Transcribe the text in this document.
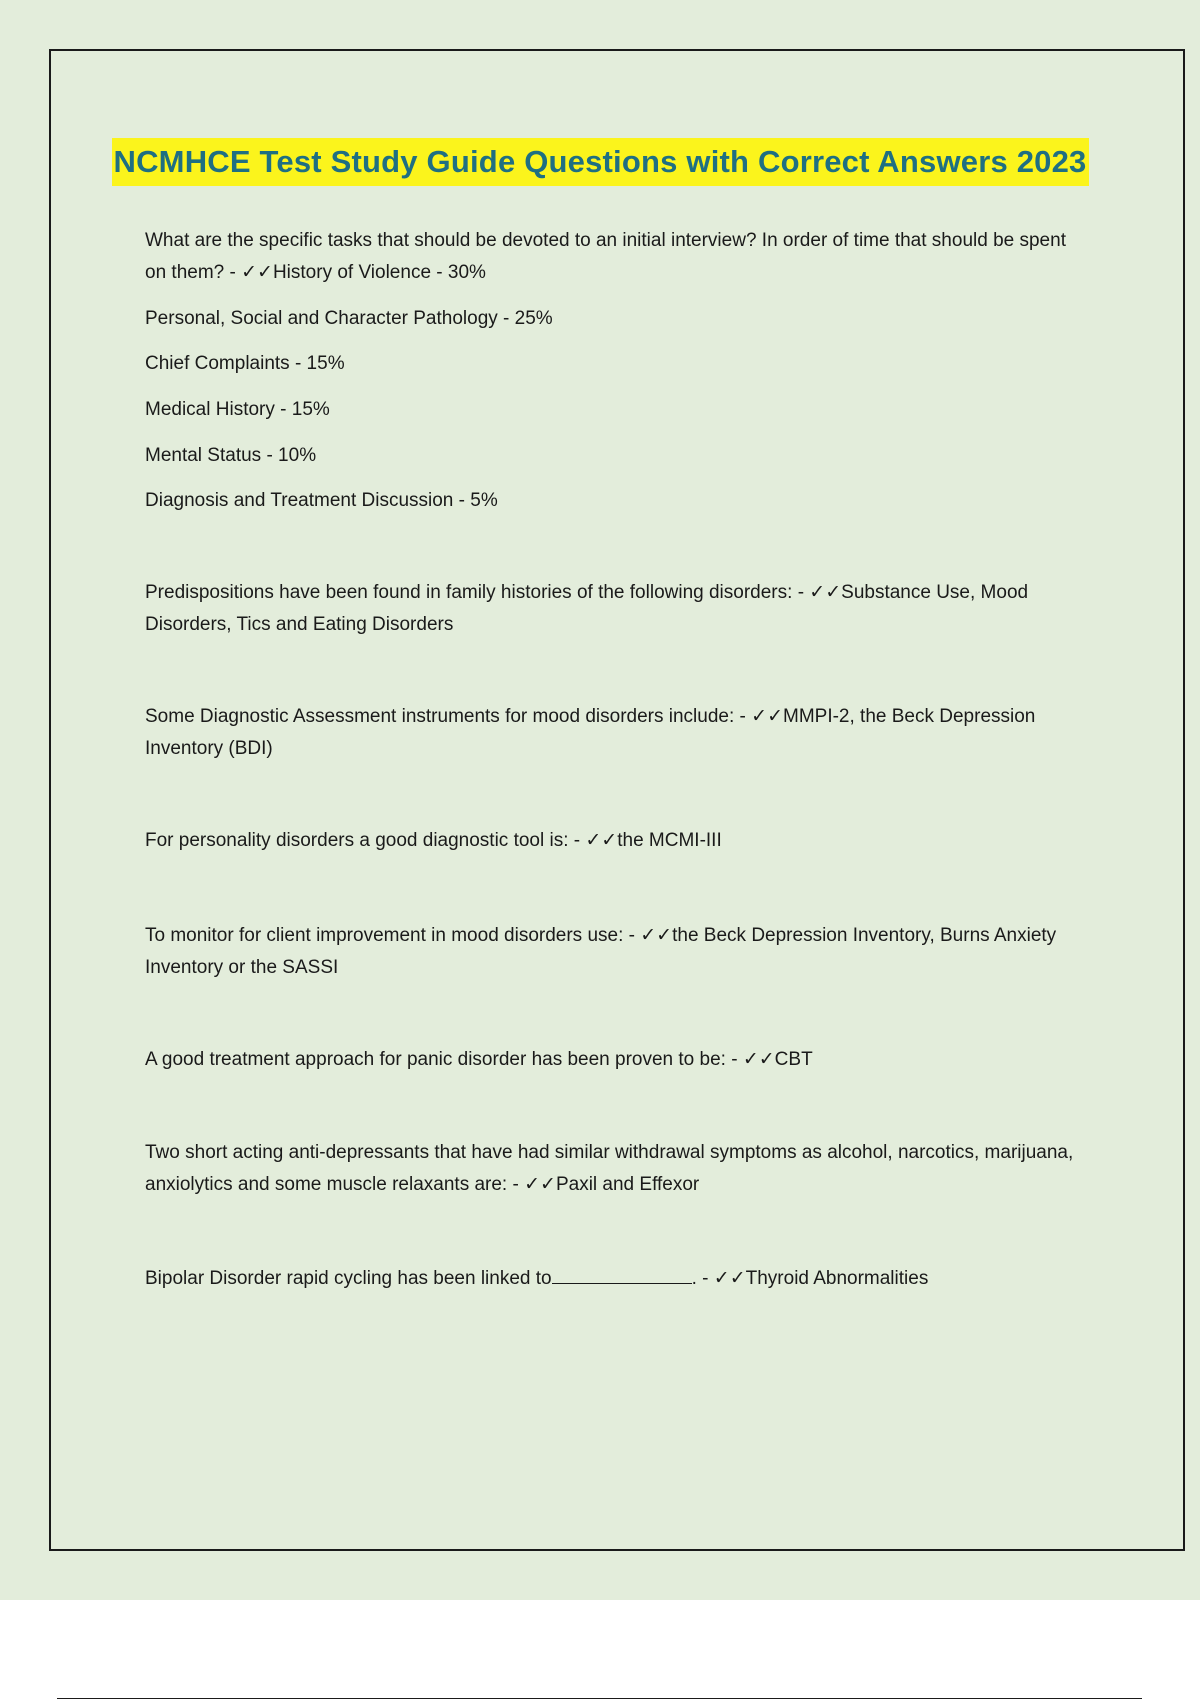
NCMHCE Test Study Guide Questions with Correct Answers 2023

What are the specific tasks that should be devoted to an initial interview? In order of time that should be spent on them? - ✓✓History of Violence - 30%

Personal, Social and Character Pathology - 25%

Chief Complaints - 15%

Medical History - 15%

Mental Status - 10%

Diagnosis and Treatment Discussion - 5%

Predispositions have been found in family histories of the following disorders: - ✓✓Substance Use, Mood Disorders, Tics and Eating Disorders

Some Diagnostic Assessment instruments for mood disorders include: - ✓✓MMPI-2, the Beck Depression Inventory (BDI)

For personality disorders a good diagnostic tool is: - ✓✓the MCMI-III

To monitor for client improvement in mood disorders use: - ✓✓the Beck Depression Inventory, Burns Anxiety Inventory or the SASSI

A good treatment approach for panic disorder has been proven to be: - ✓✓CBT

Two short acting anti-depressants that have had similar withdrawal symptoms as alcohol, narcotics, marijuana, anxiolytics and some muscle relaxants are: - ✓✓Paxil and Effexor

Bipolar Disorder rapid cycling has been linked to	. - ✓✓Thyroid Abnormalities
